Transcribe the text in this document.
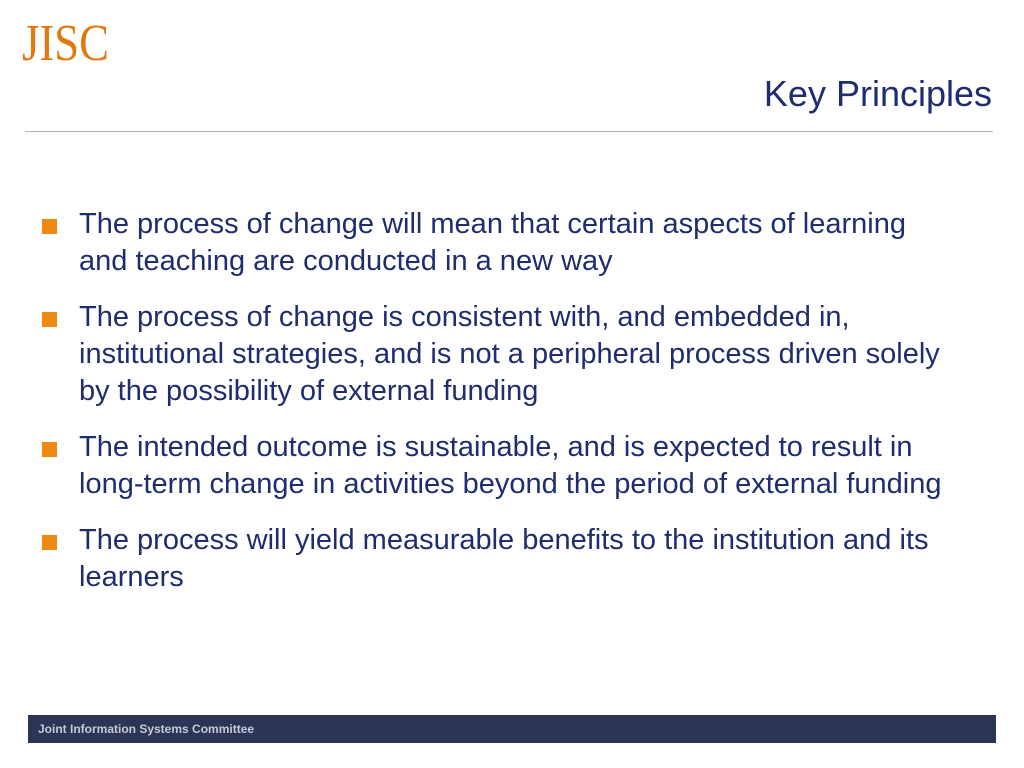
JISC
Key Principles
The process of change will mean that certain aspects of learning and teaching are conducted in a new way
The process of change is consistent with, and embedded in, institutional strategies, and is not a peripheral process driven solely by the possibility of external funding
The intended outcome is sustainable, and is expected to result in long-term change in activities beyond the period of external funding
The process will yield measurable benefits to the institution and its learners
Joint Information Systems Committee
